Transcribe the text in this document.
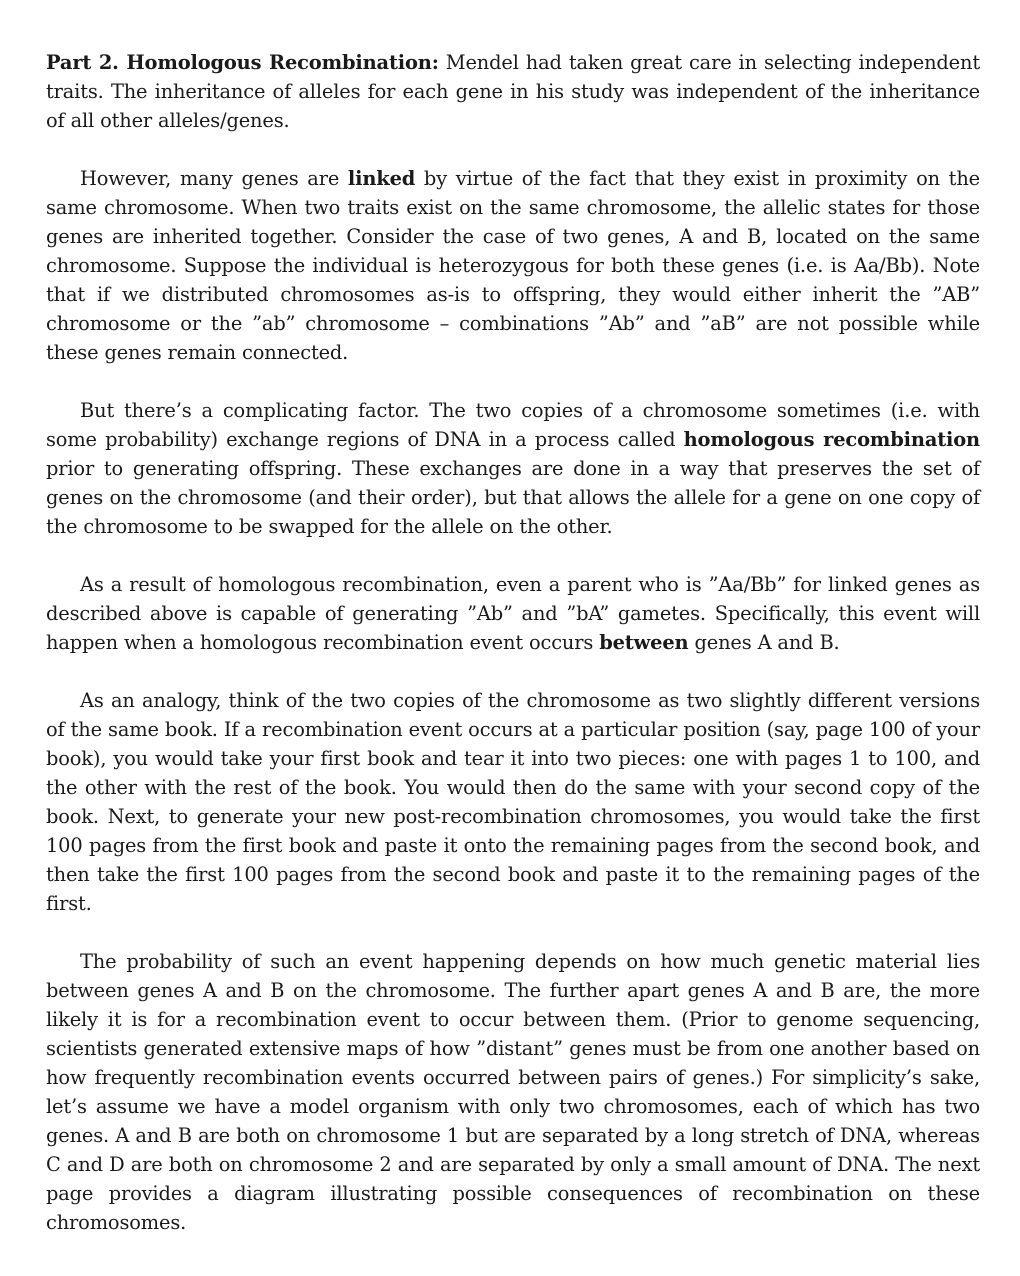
Part 2. Homologous Recombination: Mendel had taken great care in selecting independent traits. The inheritance of alleles for each gene in his study was independent of the inheritance of all other alleles/genes.

However, many genes are linked by virtue of the fact that they exist in proximity on the same chromosome. When two traits exist on the same chromosome, the allelic states for those genes are inherited together. Consider the case of two genes, A and B, located on the same chromosome. Suppose the individual is heterozygous for both these genes (i.e. is Aa/Bb). Note that if we distributed chromosomes as-is to offspring, they would either inherit the ”AB” chromosome or the ”ab” chromosome – combinations ”Ab” and ”aB” are not possible while these genes remain connected.

But there’s a complicating factor. The two copies of a chromosome sometimes (i.e. with some probability) exchange regions of DNA in a process called homologous recombination prior to generating offspring. These exchanges are done in a way that preserves the set of genes on the chromosome (and their order), but that allows the allele for a gene on one copy of the chromosome to be swapped for the allele on the other.

As a result of homologous recombination, even a parent who is ”Aa/Bb” for linked genes as described above is capable of generating ”Ab” and ”bA” gametes. Specifically, this event will happen when a homologous recombination event occurs between genes A and B.

As an analogy, think of the two copies of the chromosome as two slightly different versions of the same book. If a recombination event occurs at a particular position (say, page 100 of your book), you would take your first book and tear it into two pieces: one with pages 1 to 100, and the other with the rest of the book. You would then do the same with your second copy of the book. Next, to generate your new post-recombination chromosomes, you would take the first 100 pages from the first book and paste it onto the remaining pages from the second book, and then take the first 100 pages from the second book and paste it to the remaining pages of the first.

The probability of such an event happening depends on how much genetic material lies between genes A and B on the chromosome. The further apart genes A and B are, the more likely it is for a recombination event to occur between them. (Prior to genome sequencing, scientists generated extensive maps of how ”distant” genes must be from one another based on how frequently recombination events occurred between pairs of genes.) For simplicity’s sake, let’s assume we have a model organism with only two chromosomes, each of which has two genes. A and B are both on chromosome 1 but are separated by a long stretch of DNA, whereas C and D are both on chromosome 2 and are separated by only a small amount of DNA. The next page provides a diagram illustrating possible consequences of recombination on these chromosomes.
